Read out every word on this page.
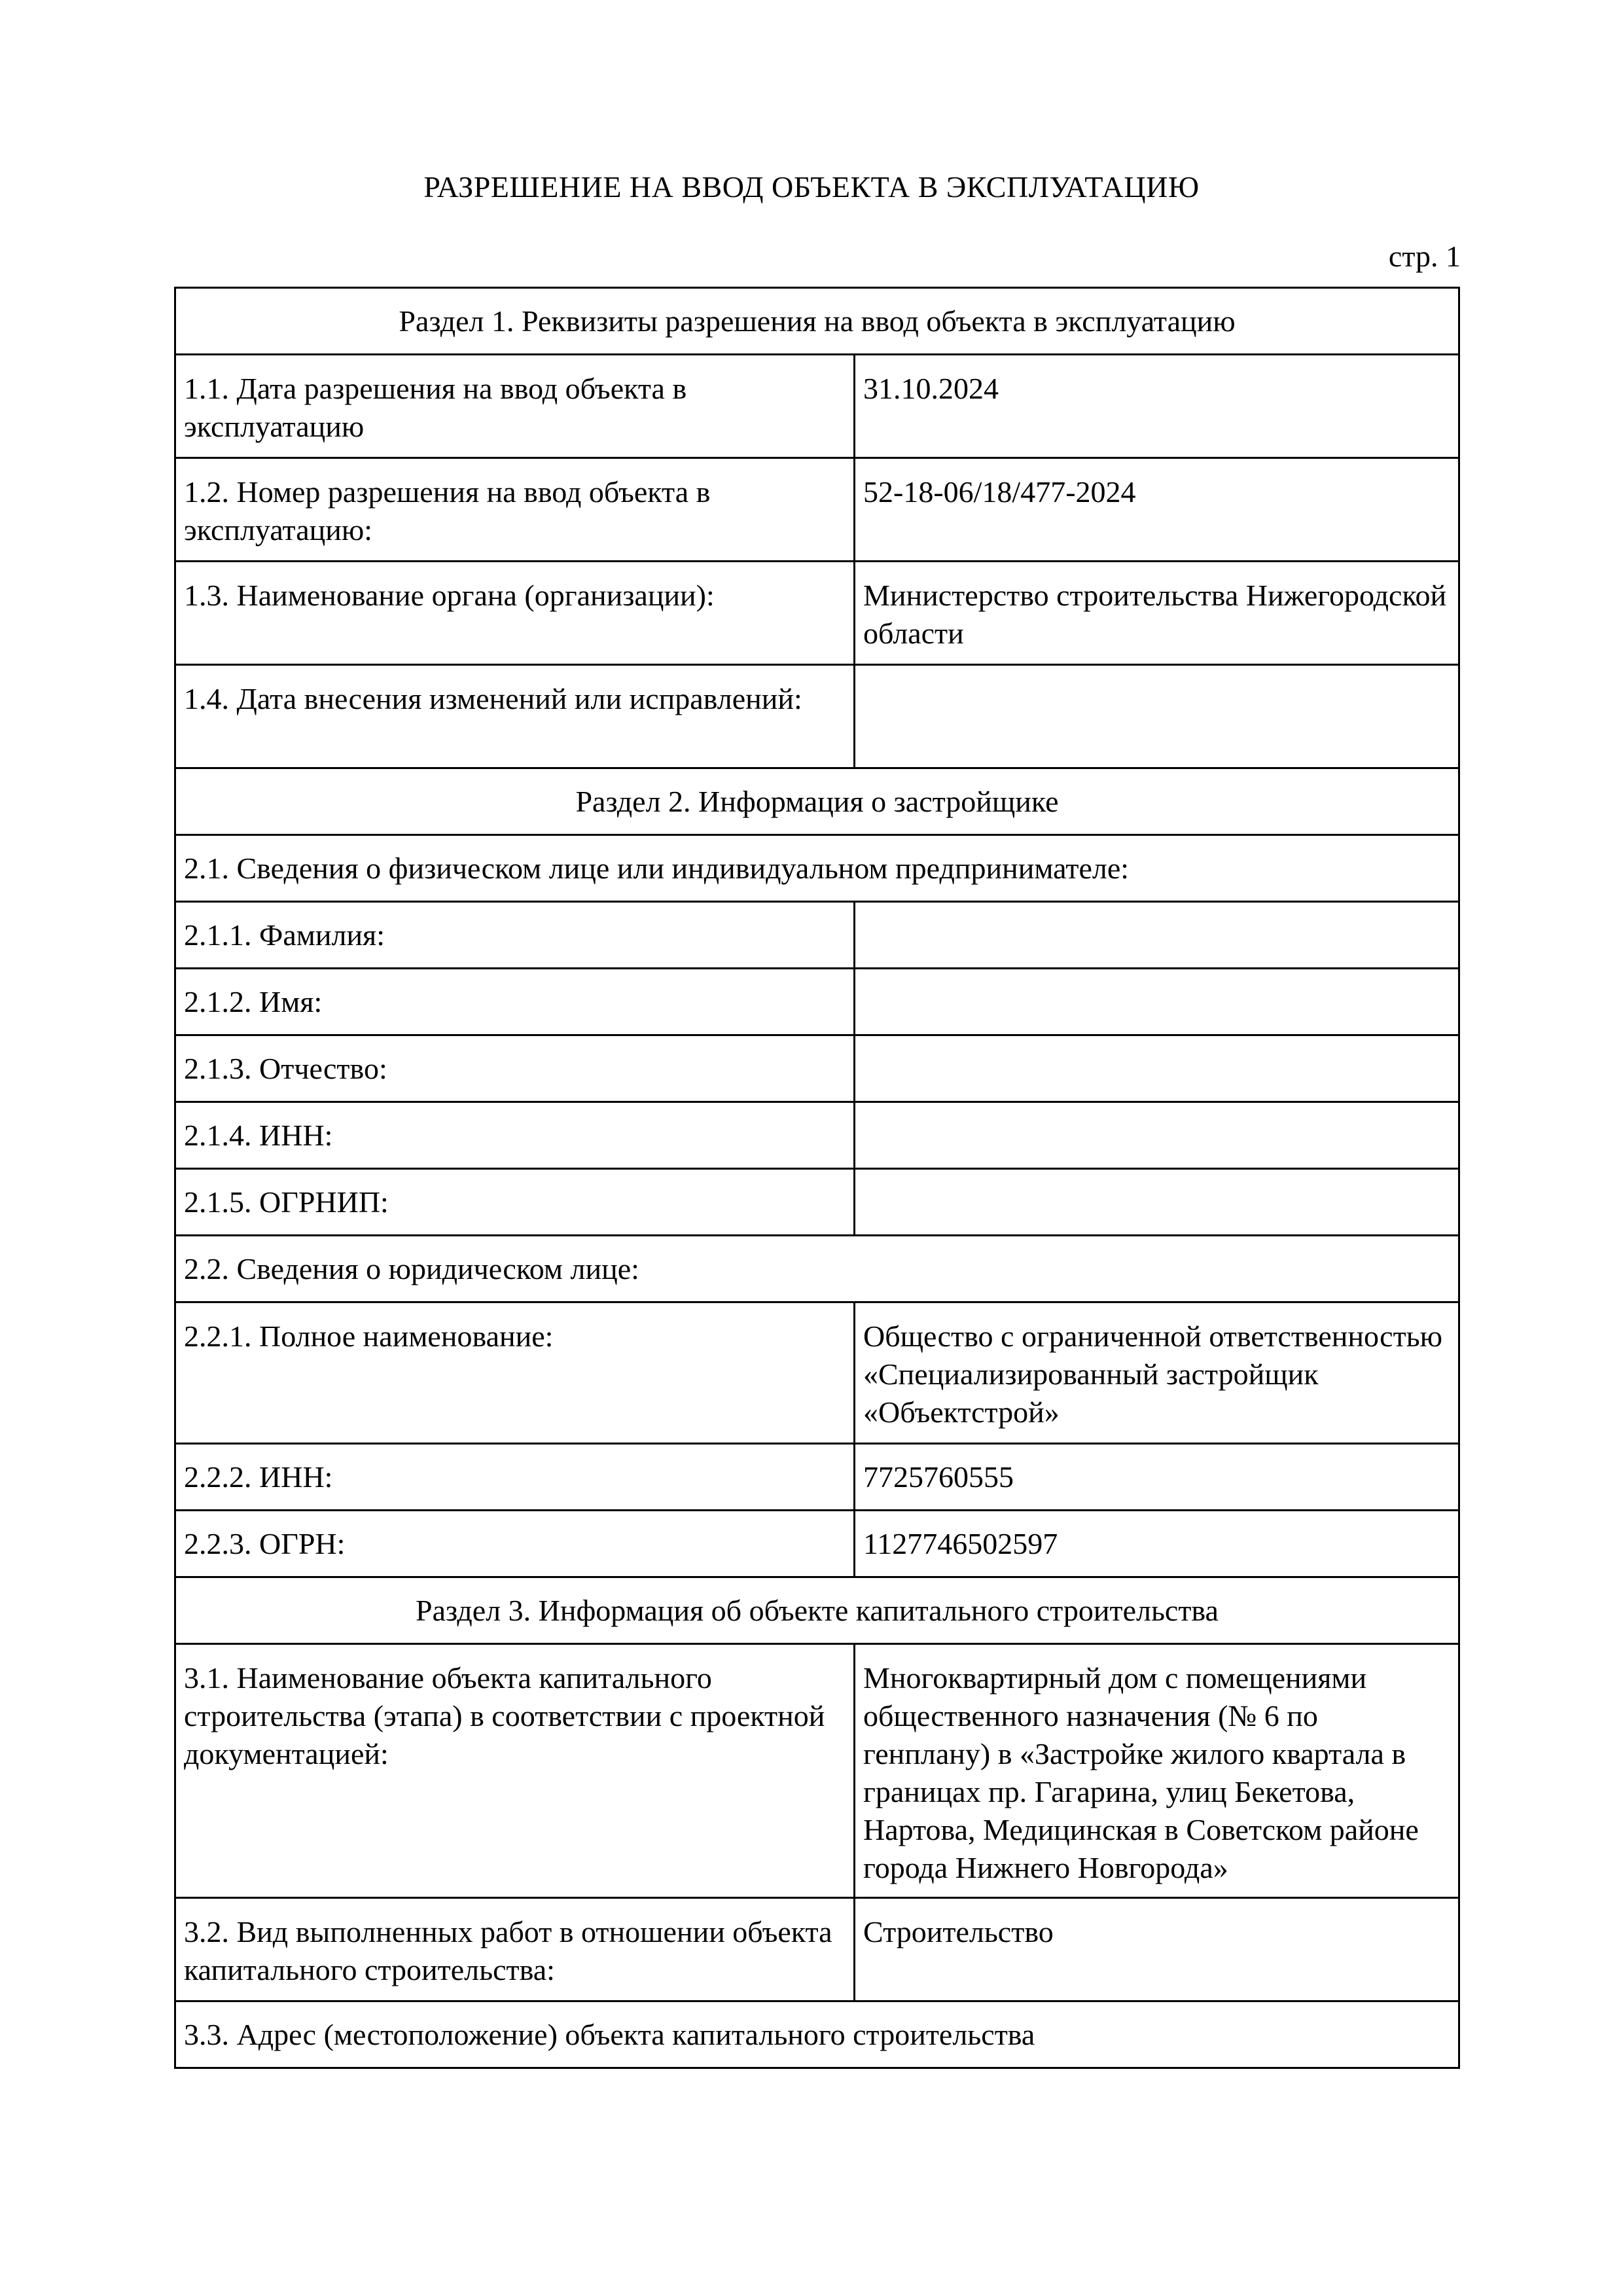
РАЗРЕШЕНИЕ НА ВВОД ОБЪЕКТА В ЭКСПЛУАТАЦИЮ
стр. 1
Раздел 1. Реквизиты разрешения на ввод объекта в эксплуатацию	
1.1. Дата разрешения на ввод объекта в эксплуатацию	31.10.2024
1.2. Номер разрешения на ввод объекта в эксплуатацию:	52-18-06/18/477-2024
1.3. Наименование органа (организации):	Министерство строительства Нижегородской области
1.4. Дата внесения изменений или исправлений:	
Раздел 2. Информация о застройщике	
2.1. Сведения о физическом лице или индивидуальном предпринимателе:	
2.1.1. Фамилия:	
2.1.2. Имя:	
2.1.3. Отчество:	
2.1.4. ИНН:	
2.1.5. ОГРНИП:	
2.2. Сведения о юридическом лице:	
2.2.1. Полное наименование:	Общество с ограниченной ответственностью «Специализированный застройщик «Объектстрой»
2.2.2. ИНН:	7725760555
2.2.3. ОГРН:	1127746502597
Раздел 3. Информация об объекте капитального строительства	
3.1. Наименование объекта капитального строительства (этапа) в соответствии с проектной документацией:	Многоквартирный дом с помещениями общественного назначения (№ 6 по генплану) в «Застройке жилого квартала в границах пр. Гагарина, улиц Бекетова, Нартова, Медицинская в Советском районе города Нижнего Новгорода»
3.2. Вид выполненных работ в отношении объекта капитального строительства:	Строительство
3.3. Адрес (местоположение) объекта капитального строительства	
